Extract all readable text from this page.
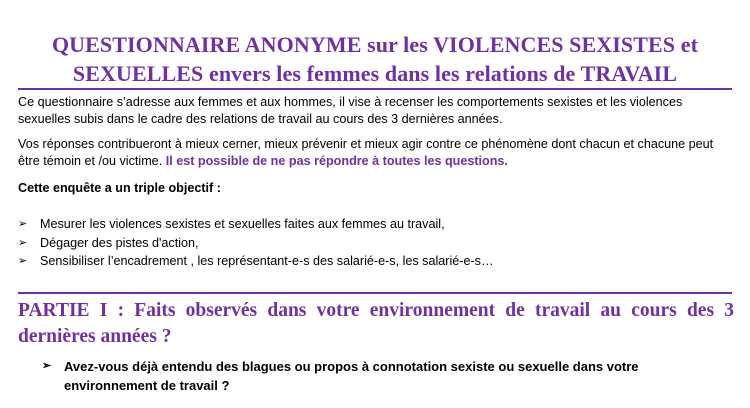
QUESTIONNAIRE ANONYME sur les VIOLENCES SEXISTES et
SEXUELLES envers les femmes dans les relations de TRAVAIL
Ce questionnaire s’adresse aux femmes et aux hommes, il vise à recenser les comportements sexistes et les violences sexuelles subis dans le cadre des relations de travail au cours des 3 dernières années.
Vos réponses contribueront à mieux cerner, mieux prévenir et mieux agir contre ce phénomène dont chacun et chacune peut être témoin et /ou victime. Il est possible de ne pas répondre à toutes les questions.
Cette enquête a un triple objectif :
➢	Mesurer les violences sexistes et sexuelles faites aux femmes au travail,
➢	Dégager des pistes d'action,
➢	Sensibiliser l’encadrement , les représentant-e-s des salarié-e-s, les salarié-e-s…
PARTIE I : Faits observés dans votre environnement de travail au cours des 3 dernières années ?
➢ Avez-vous déjà entendu des blagues ou propos à connotation sexiste ou sexuelle dans votre environnement de travail ?
